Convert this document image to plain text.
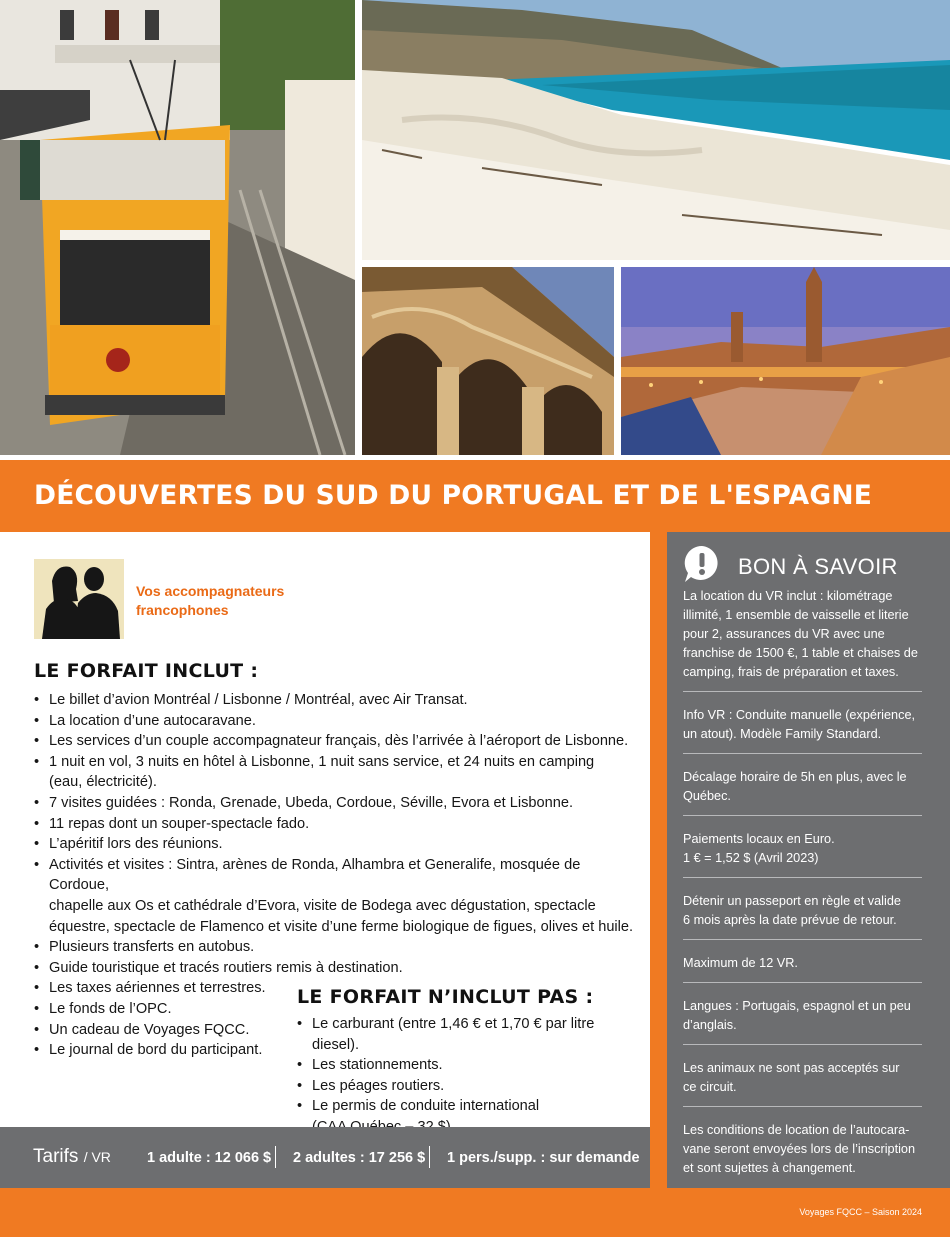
DÉCOUVERTES DU SUD DU PORTUGAL ET DE L'ESPAGNE
Vos accompagnateurs
francophones
LE FORFAIT INCLUT :
• Le billet d’avion Montréal / Lisbonne / Montréal, avec Air Transat.
• La location d’une autocaravane.
• Les services d’un couple accompagnateur français, dès l’arrivée à l’aéroport de Lisbonne.
• 1 nuit en vol, 3 nuits en hôtel à Lisbonne, 1 nuit sans service, et 24 nuits en camping
(eau, électricité).
• 7 visites guidées : Ronda, Grenade, Ubeda, Cordoue, Séville, Evora et Lisbonne.
• 11 repas dont un souper-spectacle fado.
• L’apéritif lors des réunions.
• Activités et visites : Sintra, arènes de Ronda, Alhambra et Generalife, mosquée de Cordoue,
chapelle aux Os et cathédrale d’Evora, visite de Bodega avec dégustation, spectacle
équestre, spectacle de Flamenco et visite d’une ferme biologique de figues, olives et huile.
• Plusieurs transferts en autobus.
• Guide touristique et tracés routiers remis à destination.
• Les taxes aériennes et terrestres.
• Le fonds de l’OPC.
• Un cadeau de Voyages FQCC.
• Le journal de bord du participant.
LE FORFAIT N’INCLUT PAS :
• Le carburant (entre 1,46 € et 1,70 € par litre diesel).
• Les stationnements.
• Les péages routiers.
• Le permis de conduite international

Tarifs / VR 1 adulte : 12 066 $ 2 adultes : 17 256 $ 1 pers./supp. : sur demande
BON À SAVOIR
La location du VR inclut : kilométrage
illimité, 1 ensemble de vaisselle et literie
pour 2, assurances du VR avec une
franchise de 1500 €, 1 table et chaises de
camping, frais de préparation et taxes.
Info VR : Conduite manuelle (expérience,
un atout). Modèle Family Standard.
Décalage horaire de 5h en plus, avec le
Québec.
Paiements locaux en Euro.
1 € = 1,52 $ (Avril 2023)
Détenir un passeport en règle et valide
6 mois après la date prévue de retour.
Maximum de 12 VR.
Langues : Portugais, espagnol et un peu
d’anglais.
Les animaux ne sont pas acceptés sur
ce circuit.
Les conditions de location de l’autocara-
vane seront envoyées lors de l’inscription
et sont sujettes à changement.
Voyages FQCC – Saison 2024
